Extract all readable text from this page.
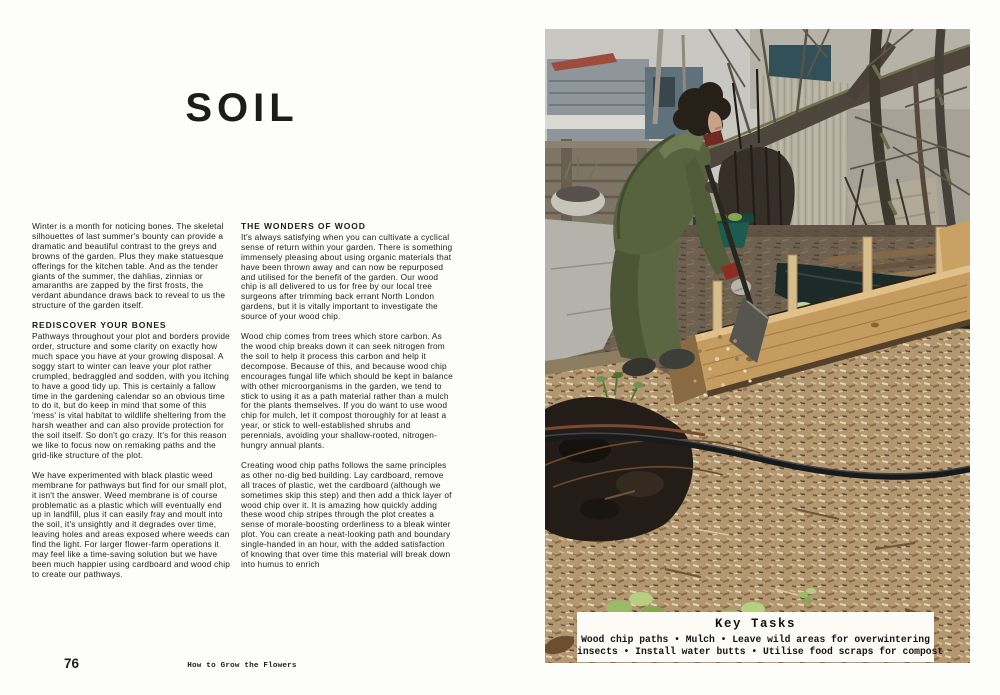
SOIL

Winter is a month for noticing bones. The skeletal silhouettes of last summer's bounty can provide a dramatic and beautiful contrast to the greys and browns of the garden. Plus they make statuesque offerings for the kitchen table. And as the tender giants of the summer, the dahlias, zinnias or amaranths are zapped by the first frosts, the verdant abundance draws back to reveal to us the structure of the garden itself.

REDISCOVER YOUR BONES

Pathways throughout your plot and borders provide order, structure and some clarity on exactly how much space you have at your growing disposal. A soggy start to winter can leave your plot rather crumpled, bedraggled and sodden, with you itching to have a good tidy up. This is certainly a fallow time in the gardening calendar so an obvious time to do it, but do keep in mind that some of this 'mess' is vital habitat to wildlife sheltering from the harsh weather and can also provide protection for the soil itself. So don't go crazy. It's for this reason we like to focus now on remaking paths and the grid-like structure of the plot.

We have experimented with black plastic weed membrane for pathways but find for our small plot, it isn't the answer. Weed membrane is of course problematic as a plastic which will eventually end up in landfill, plus it can easily fray and moult into the soil, it's unsightly and it degrades over time, leaving holes and areas exposed where weeds can find the light. For larger flower-farm operations it may feel like a time-saving solution but we have been much happier using cardboard and wood chip to create our pathways.

THE WONDERS OF WOOD

It's always satisfying when you can cultivate a cyclical sense of return within your garden. There is something immensely pleasing about using organic materials that have been thrown away and can now be repurposed and utilised for the benefit of the garden. Our wood chip is all delivered to us for free by our local tree surgeons after trimming back errant North London gardens, but it is vitally important to investigate the source of your wood chip.

Wood chip comes from trees which store carbon. As the wood chip breaks down it can seek nitrogen from the soil to help it process this carbon and help it decompose. Because of this, and because wood chip encourages fungal life which should be kept in balance with other microorganisms in the garden, we tend to stick to using it as a path material rather than a mulch for the plants themselves. If you do want to use wood chip for mulch, let it compost thoroughly for at least a year, or stick to well-established shrubs and perennials, avoiding your shallow-rooted, nitrogen-hungry annual plants.

Creating wood chip paths follows the same principles as other no-dig bed building. Lay cardboard, remove all traces of plastic, wet the cardboard (although we sometimes skip this step) and then add a thick layer of wood chip over it. It is amazing how quickly adding these wood chip stripes through the plot creates a sense of morale-boosting orderliness to a bleak winter plot. You can create a neat-looking path and boundary single-handed in an hour, with the added satisfaction of knowing that over time this material will break down into humus to enrich

Key Tasks
Wood chip paths • Mulch • Leave wild areas for overwintering
insects • Install water butts • Utilise food scraps for compost
76	How to Grow the Flowers
